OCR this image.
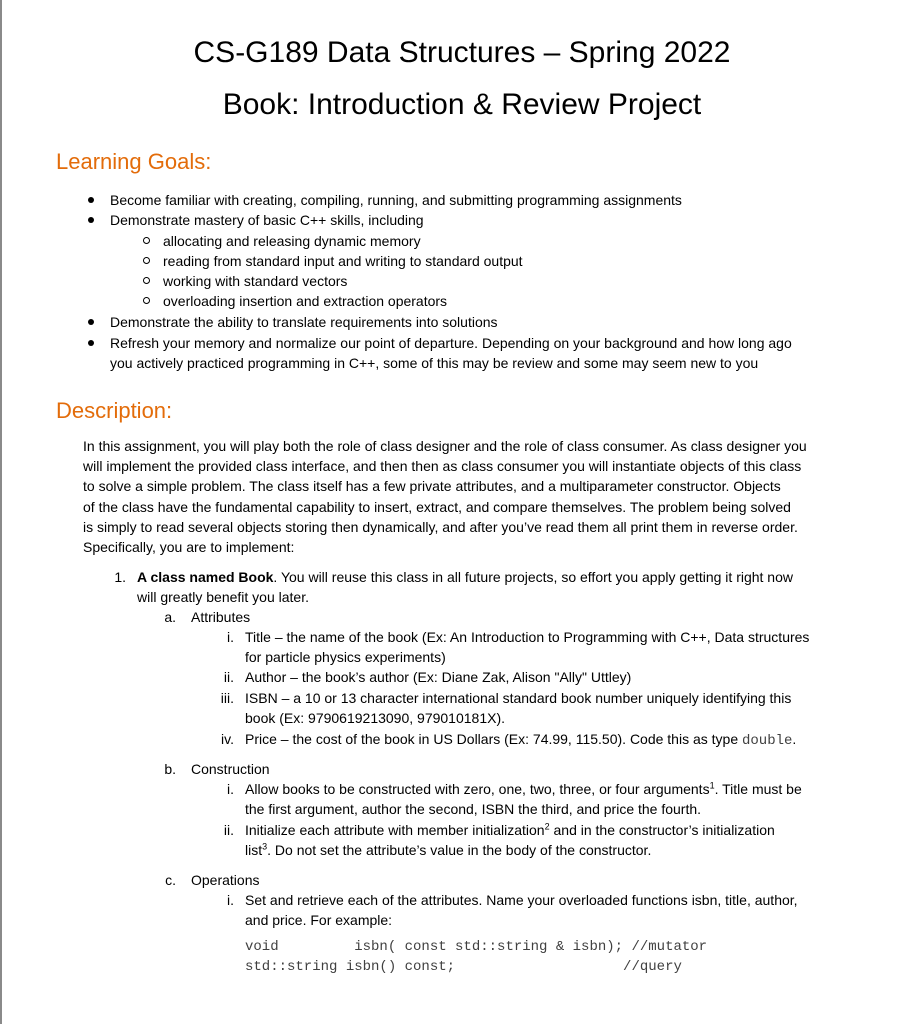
CS-G189 Data Structures – Spring 2022
Book: Introduction & Review Project
Learning Goals:
Become familiar with creating, compiling, running, and submitting programming assignments
Demonstrate mastery of basic C++ skills, including
allocating and releasing dynamic memory
reading from standard input and writing to standard output
working with standard vectors
overloading insertion and extraction operators
Demonstrate the ability to translate requirements into solutions
Refresh your memory and normalize our point of departure. Depending on your background and how long ago
you actively practiced programming in C++, some of this may be review and some may seem new to you
Description:
In this assignment, you will play both the role of class designer and the role of class consumer. As class designer you
will implement the provided class interface, and then then as class consumer you will instantiate objects of this class
to solve a simple problem. The class itself has a few private attributes, and a multiparameter constructor. Objects
of the class have the fundamental capability to insert, extract, and compare themselves. The problem being solved
is simply to read several objects storing then dynamically, and after you’ve read them all print them in reverse order.
Specifically, you are to implement:
1. A class named Book. You will reuse this class in all future projects, so effort you apply getting it right now
will greatly benefit you later.
a. Attributes
i. Title – the name of the book (Ex: An Introduction to Programming with C++, Data structures
for particle physics experiments)
ii. Author – the book’s author (Ex: Diane Zak, Alison "Ally" Uttley)
iii. ISBN – a 10 or 13 character international standard book number uniquely identifying this
book (Ex: 9790619213090, 979010181X).
iv. Price – the cost of the book in US Dollars (Ex: 74.99, 115.50). Code this as type double.
b. Construction
i. Allow books to be constructed with zero, one, two, three, or four arguments$^1$. Title must be
the first argument, author the second, ISBN the third, and price the fourth.
ii. Initialize each attribute with member initialization$^2$ and in the constructor’s initialization
list$^3$. Do not set the attribute’s value in the body of the constructor.
c. Operations
i. Set and retrieve each of the attributes. Name your overloaded functions isbn, title, author,
and price. For example:
void         isbn( const std::string & isbn); //mutator
std::string isbn() const;                    //query
